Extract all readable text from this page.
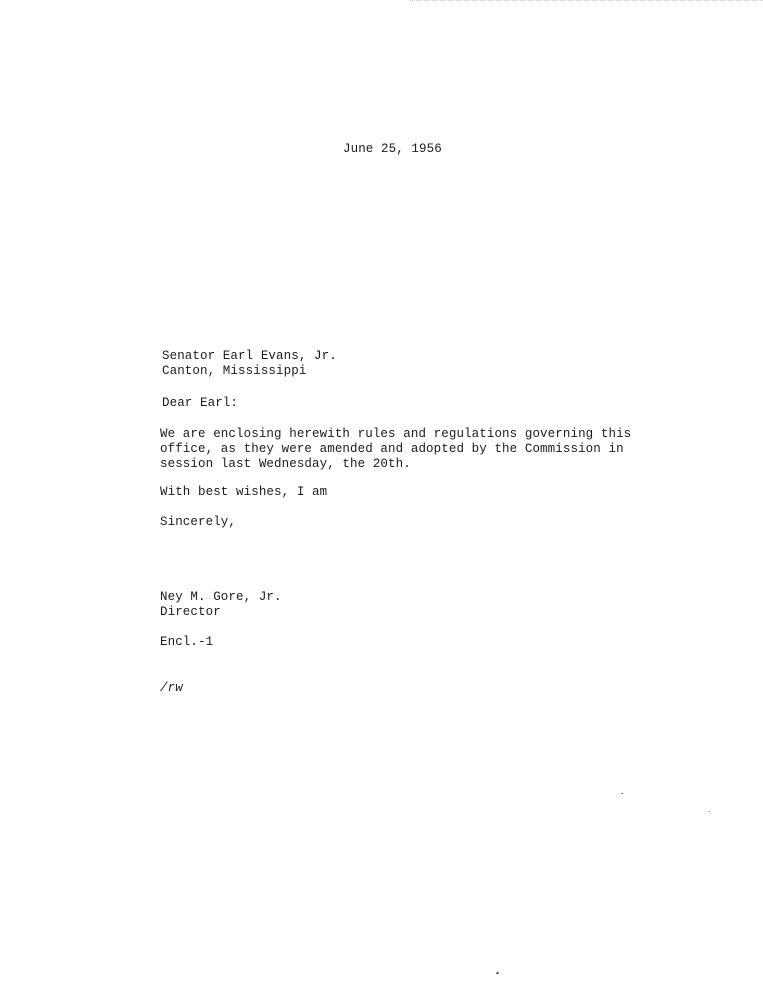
June 25, 1956
Senator Earl Evans, Jr.
Canton, Mississippi
Dear Earl:
We are enclosing herewith rules and regulations governing this
office, as they were amended and adopted by the Commission in
session last Wednesday, the 20th.
With best wishes, I am
Sincerely,
Ney M. Gore, Jr.
Director
Encl.-1
/rw
